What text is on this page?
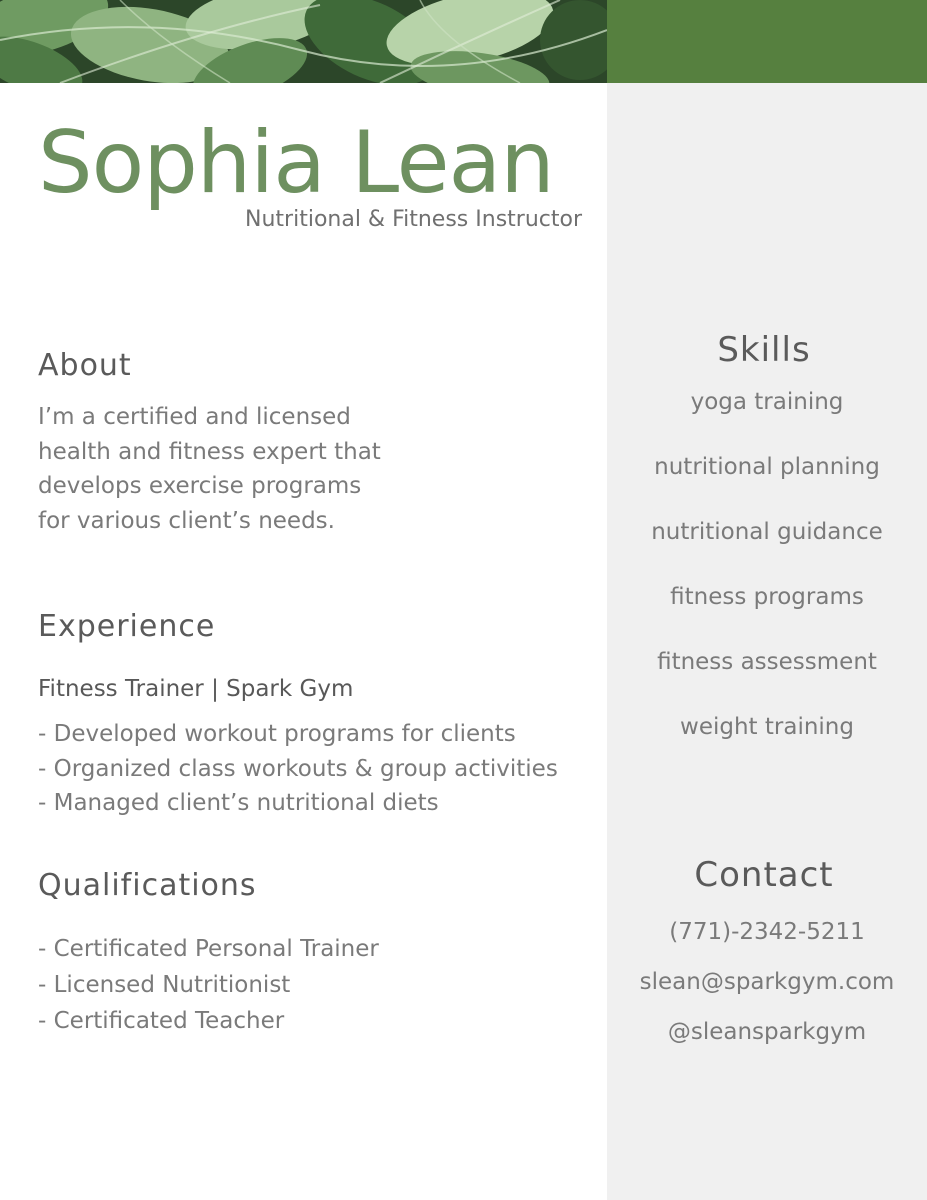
Sophia Lean

Nutritional & Fitness Instructor

About
I’m a certified and licensed
health and fitness expert that
develops exercise programs
for various client’s needs.
Experience

Fitness Trainer | Spark Gym

- Developed workout programs for clients
- Organized class workouts & group activities
- Managed client’s nutritional diets
Qualifications
- Certificated Personal Trainer
- Licensed Nutritionist
- Certificated Teacher
Skills
yoga training
nutritional planning
nutritional guidance
fitness programs
fitness assessment
weight training
Contact
(771)-2342-5211
slean@sparkgym.com
@sleansparkgym
